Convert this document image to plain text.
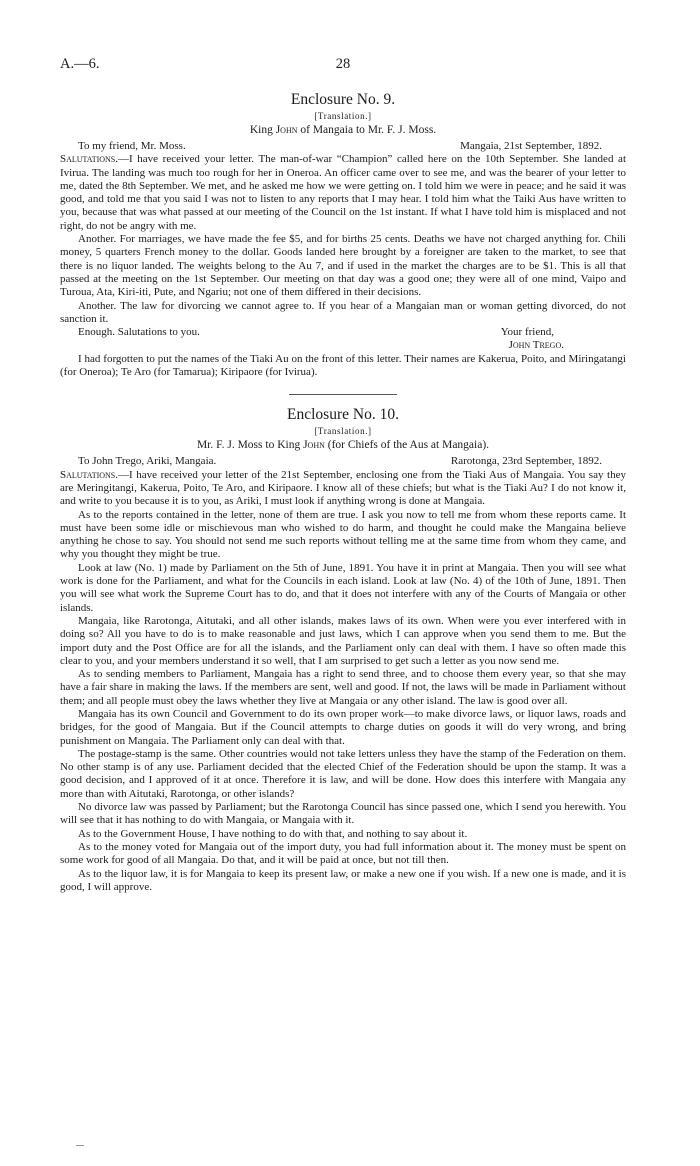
A.—6.	28
Enclosure No. 9.
[Translation.]
King John of Mangaia to Mr. F. J. Moss.
To my friend, Mr. Moss.	Mangaia, 21st September, 1892.

Salutations.—I have received your letter. The man-of-war “Champion” called here on the 10th September. She landed at Ivirua. The landing was much too rough for her in Oneroa. An officer came over to see me, and was the bearer of your letter to me, dated the 8th September. We met, and he asked me how we were getting on. I told him we were in peace; and he said it was good, and told me that you said I was not to listen to any reports that I may hear. I told him what the Taiki Aus have written to you, because that was what passed at our meeting of the Council on the 1st instant. If what I have told him is misplaced and not right, do not be angry with me.

Another. For marriages, we have made the fee $5, and for births 25 cents. Deaths we have not charged anything for. Chili money, 5 quarters French money to the dollar. Goods landed here brought by a foreigner are taken to the market, to see that there is no liquor landed. The weights belong to the Au 7, and if used in the market the charges are to be $1. This is all that passed at the meeting on the 1st September. Our meeting on that day was a good one; they were all of one mind, Vaipo and Turoua, Ata, Kiri-iti, Pute, and Ngariu; not one of them differed in their decisions.

Another. The law for divorcing we cannot agree to. If you hear of a Mangaian man or woman getting divorced, do not sanction it.

Enough. Salutations to you.	Your friend,
John Trego.

I had forgotten to put the names of the Tiaki Au on the front of this letter. Their names are Kakerua, Poito, and Miringatangi (for Oneroa); Te Aro (for Tamarua); Kiripaore (for Ivirua).

Enclosure No. 10.
[Translation.]
Mr. F. J. Moss to King John (for Chiefs of the Aus at Mangaia).
To John Trego, Ariki, Mangaia.	Rarotonga, 23rd September, 1892.

Salutations.—I have received your letter of the 21st September, enclosing one from the Tiaki Aus of Mangaia. You say they are Meringitangi, Kakerua, Poito, Te Aro, and Kiripaore. I know all of these chiefs; but what is the Tiaki Au? I do not know it, and write to you because it is to you, as Ariki, I must look if anything wrong is done at Mangaia.

As to the reports contained in the letter, none of them are true. I ask you now to tell me from whom these reports came. It must have been some idle or mischievous man who wished to do harm, and thought he could make the Mangaina believe anything he chose to say. You should not send me such reports without telling me at the same time from whom they came, and why you thought they might be true.

Look at law (No. 1) made by Parliament on the 5th of June, 1891. You have it in print at Mangaia. Then you will see what work is done for the Parliament, and what for the Councils in each island. Look at law (No. 4) of the 10th of June, 1891. Then you will see what work the Supreme Court has to do, and that it does not interfere with any of the Courts of Mangaia or other islands.

Mangaia, like Rarotonga, Aitutaki, and all other islands, makes laws of its own. When were you ever interfered with in doing so? All you have to do is to make reasonable and just laws, which I can approve when you send them to me. But the import duty and the Post Office are for all the islands, and the Parliament only can deal with them. I have so often made this clear to you, and your members understand it so well, that I am surprised to get such a letter as you now send me.

As to sending members to Parliament, Mangaia has a right to send three, and to choose them every year, so that she may have a fair share in making the laws. If the members are sent, well and good. If not, the laws will be made in Parliament without them; and all people must obey the laws whether they live at Mangaia or any other island. The law is good over all.

Mangaia has its own Council and Government to do its own proper work—to make divorce laws, or liquor laws, roads and bridges, for the good of Mangaia. But if the Council attempts to charge duties on goods it will do very wrong, and bring punishment on Mangaia. The Parliament only can deal with that.

The postage-stamp is the same. Other countries would not take letters unless they have the stamp of the Federation on them. No other stamp is of any use. Parliament decided that the elected Chief of the Federation should be upon the stamp. It was a good decision, and I approved of it at once. Therefore it is law, and will be done. How does this interfere with Mangaia any more than with Aitutaki, Rarotonga, or other islands?

No divorce law was passed by Parliament; but the Rarotonga Council has since passed one, which I send you herewith. You will see that it has nothing to do with Mangaia, or Mangaia with it.

As to the Government House, I have nothing to do with that, and nothing to say about it.

As to the money voted for Mangaia out of the import duty, you had full information about it. The money must be spent on some work for good of all Mangaia. Do that, and it will be paid at once, but not till then.

As to the liquor law, it is for Mangaia to keep its present law, or make a new one if you wish. If a new one is made, and it is good, I will approve.
